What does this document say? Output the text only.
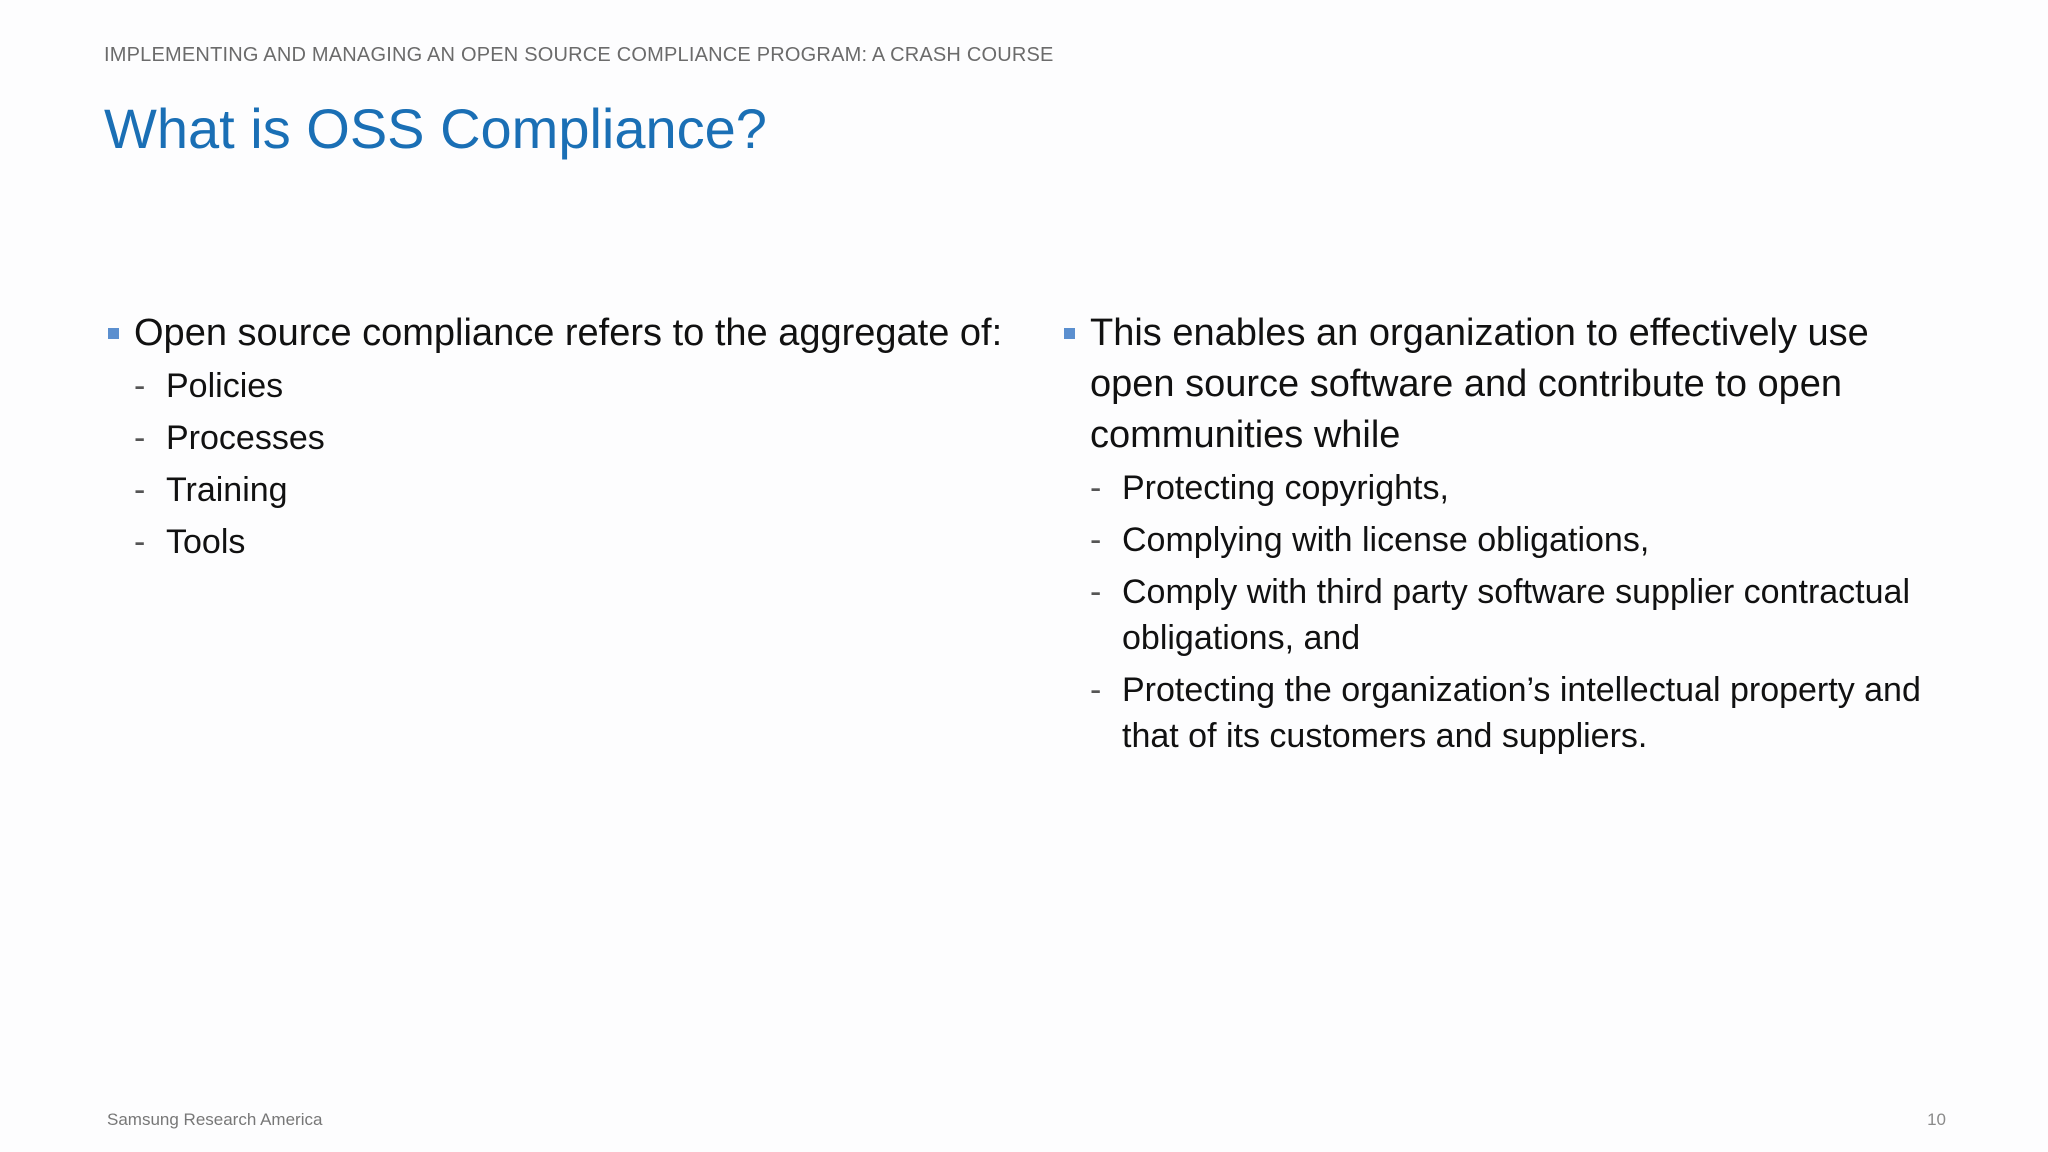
IMPLEMENTING AND MANAGING AN OPEN SOURCE COMPLIANCE PROGRAM: A CRASH COURSE
What is OSS Compliance?
Open source compliance refers to the aggregate of:
- Policies
- Processes
- Training
- Tools
This enables an organization to effectively use open source software and contribute to open communities while
- Protecting copyrights,
- Complying with license obligations,
- Comply with third party software supplier contractual obligations, and
- Protecting the organization’s intellectual property and that of its customers and suppliers.
Samsung Research America	10
